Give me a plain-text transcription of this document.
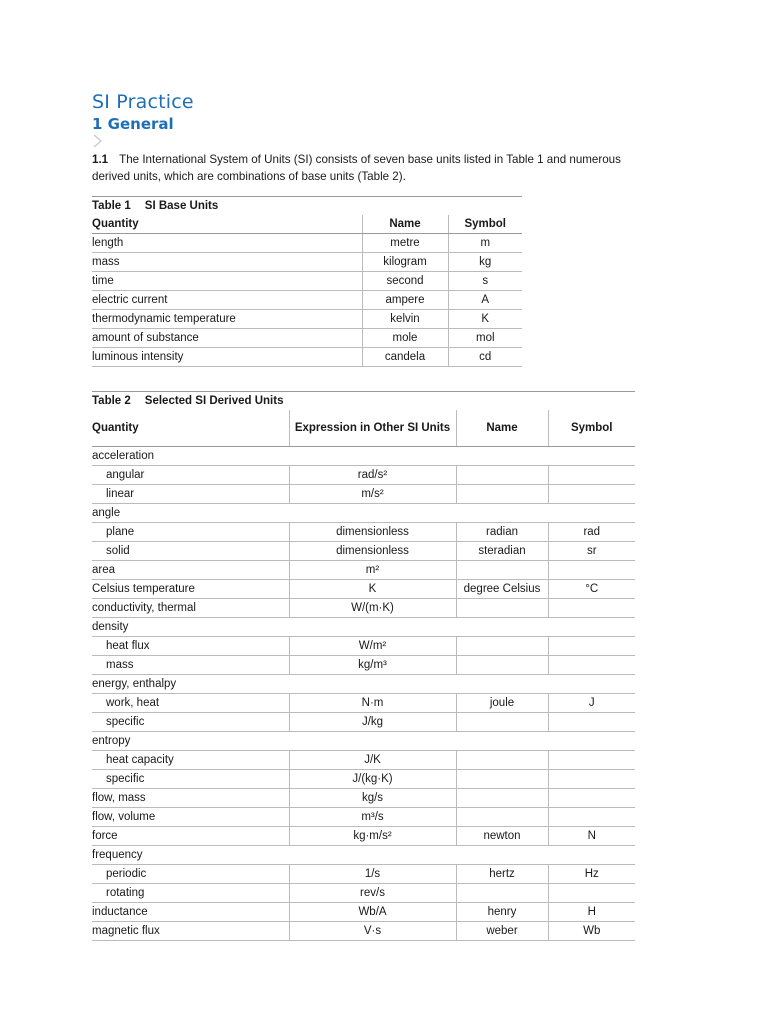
SI Practice
1 General

1.1 The International System of Units (SI) consists of seven base units listed in Table 1 and numerous derived units, which are combinations of base units (Table 2).

Table 1 SI Base Units
Quantity	Name	Symbol
length	metre	m
mass	kilogram	kg
time	second	s
electric current	ampere	A
thermodynamic temperature	kelvin	K
amount of substance	mole	mol
luminous intensity	candela	cd
Table 2 Selected SI Derived Units
Quantity	Expression in Other SI Units	Name	Symbol
acceleration			
angular	rad/s²		
linear	m/s²		
angle			
plane	dimensionless	radian	rad
solid	dimensionless	steradian	sr
area	m²		
Celsius temperature	K	degree Celsius	°C
conductivity, thermal	W/(m·K)		
density			
heat flux	W/m²		
mass	kg/m³		
energy, enthalpy			
work, heat	N·m	joule	J
specific	J/kg		
entropy			
heat capacity	J/K		
specific	J/(kg·K)		
flow, mass	kg/s		
flow, volume	m³/s		
force	kg·m/s²	newton	N
frequency			
periodic	1/s	hertz	Hz
rotating	rev/s		
inductance	Wb/A	henry	H
magnetic flux	V·s	weber	Wb
